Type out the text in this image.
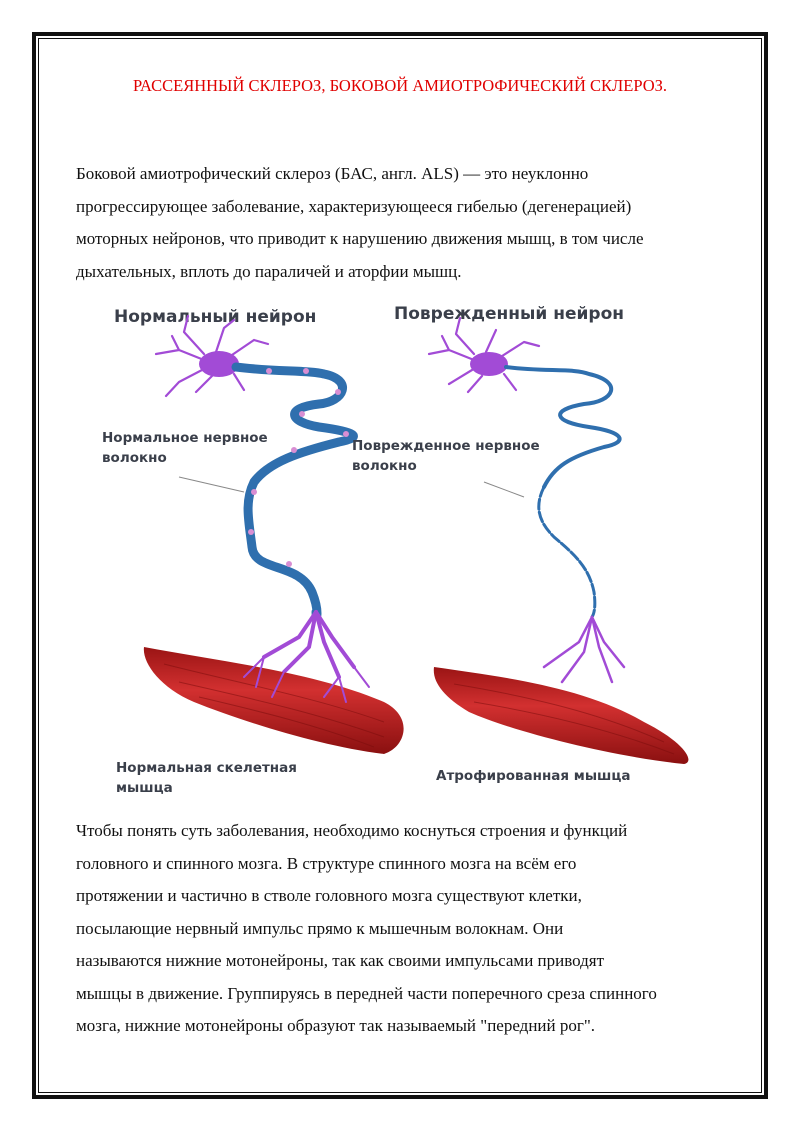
РАССЕЯННЫЙ СКЛЕРОЗ, БОКОВОЙ АМИОТРОФИЧЕСКИЙ СКЛЕРОЗ.
Боковой амиотрофический склероз (БАС, англ. ALS) — это неуклонно
прогрессирующее заболевание, характеризующееся гибелью (дегенерацией)
моторных нейронов, что приводит к нарушению движения мышц, в том числе
дыхательных, вплоть до параличей и аторфии мышц.
Нормальный нейрон	Поврежденный нейрон
Нормальное нервное
волокно
Поврежденное нервное
волокно
Нормальная скелетная
мышца
Атрофированная мышца
Чтобы понять суть заболевания, необходимо коснуться строения и функций
головного и спинного мозга. В структуре спинного мозга на всём его
протяжении и частично в стволе головного мозга существуют клетки,
посылающие нервный импульс прямо к мышечным волокнам. Они
называются нижние мотонейроны, так как своими импульсами приводят
мышцы в движение. Группируясь в передней части поперечного среза спинного
мозга, нижние мотонейроны образуют так называемый "передний рог".
